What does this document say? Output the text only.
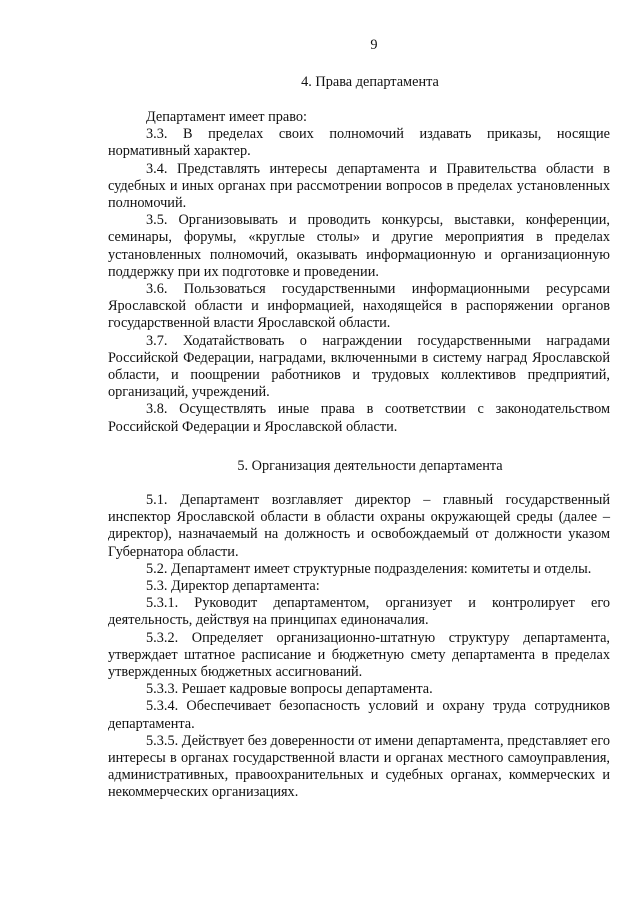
9
4. Права департамента

Департамент имеет право:

3.3. В пределах своих полномочий издавать приказы, носящие нормативный характер.

3.4. Представлять интересы департамента и Правительства области в судебных и иных органах при рассмотрении вопросов в пределах установленных полномочий.

3.5. Организовывать и проводить конкурсы, выставки, конференции, семинары, форумы, «круглые столы» и другие мероприятия в пределах установленных полномочий, оказывать информационную и организационную поддержку при их подготовке и проведении.

3.6. Пользоваться государственными информационными ресурсами Ярославской области и информацией, находящейся в распоряжении органов государственной власти Ярославской области.

3.7. Ходатайствовать о награждении государственными наградами Российской Федерации, наградами, включенными в систему наград Ярославской области, и поощрении работников и трудовых коллективов предприятий, организаций, учреждений.

3.8. Осуществлять иные права в соответствии с законодательством Российской Федерации и Ярославской области.

5. Организация деятельности департамента

5.1. Департамент возглавляет директор – главный государственный инспектор Ярославской области в области охраны окружающей среды (далее – директор), назначаемый на должность и освобождаемый от должности указом Губернатора области.

5.2. Департамент имеет структурные подразделения: комитеты и отделы.

5.3. Директор департамента:

5.3.1. Руководит департаментом, организует и контролирует его деятельность, действуя на принципах единоначалия.

5.3.2. Определяет организационно-штатную структуру департамента, утверждает штатное расписание и бюджетную смету департамента в пределах утвержденных бюджетных ассигнований.

5.3.3. Решает кадровые вопросы департамента.

5.3.4. Обеспечивает безопасность условий и охрану труда сотрудников департамента.

5.3.5. Действует без доверенности от имени департамента, представляет его интересы в органах государственной власти и органах местного самоуправления, административных, правоохранительных и судебных органах, коммерческих и некоммерческих организациях.
